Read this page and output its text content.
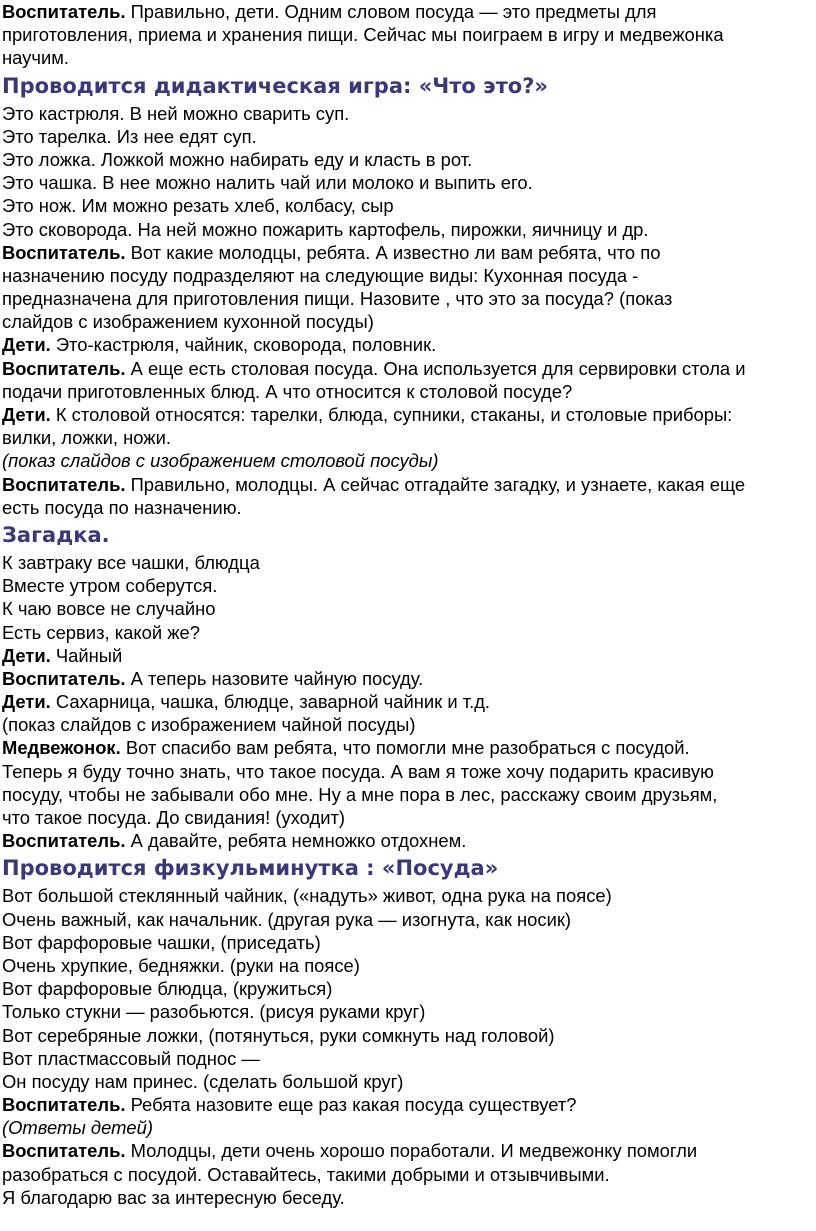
Воспитатель. Правильно, дети. Одним словом посуда — это предметы для
приготовления, приема и хранения пищи. Сейчас мы поиграем в игру и медвежонка
научим.
Проводится дидактическая игра: «Что это?»
Это кастрюля. В ней можно сварить суп.
Это тарелка. Из нее едят суп.
Это ложка. Ложкой можно набирать еду и класть в рот.
Это чашка. В нее можно налить чай или молоко и выпить его.
Это нож. Им можно резать хлеб, колбасу, сыр
Это сковорода. На ней можно пожарить картофель, пирожки, яичницу и др.
Воспитатель. Вот какие молодцы, ребята. А известно ли вам ребята, что по
назначению посуду подразделяют на следующие виды: Кухонная посуда -
предназначена для приготовления пищи. Назовите , что это за посуда? (показ
слайдов с изображением кухонной посуды)
Дети. Это-кастрюля, чайник, сковорода, половник.
Воспитатель. А еще есть столовая посуда. Она используется для сервировки стола и
подачи приготовленных блюд. А что относится к столовой посуде?
Дети. К столовой относятся: тарелки, блюда, супники, стаканы, и столовые приборы:
вилки, ложки, ножи.
(показ слайдов с изображением столовой посуды)
Воспитатель. Правильно, молодцы. А сейчас отгадайте загадку, и узнаете, какая еще
есть посуда по назначению.
Загадка.
К завтраку все чашки, блюдца
Вместе утром соберутся.
К чаю вовсе не случайно
Есть сервиз, какой же?
Дети. Чайный
Воспитатель. А теперь назовите чайную посуду.
Дети. Сахарница, чашка, блюдце, заварной чайник и т.д.
(показ слайдов с изображением чайной посуды)
Медвежонок. Вот спасибо вам ребята, что помогли мне разобраться с посудой.
Теперь я буду точно знать, что такое посуда. А вам я тоже хочу подарить красивую
посуду, чтобы не забывали обо мне. Ну а мне пора в лес, расскажу своим друзьям,
что такое посуда. До свидания! (уходит)
Воспитатель. А давайте, ребята немножко отдохнем.
Проводится физкульминутка : «Посуда»
Вот большой стеклянный чайник, («надуть» живот, одна рука на поясе)
Очень важный, как начальник. (другая рука — изогнута, как носик)
Вот фарфоровые чашки, (приседать)
Очень хрупкие, бедняжки. (руки на поясе)
Вот фарфоровые блюдца, (кружиться)
Только стукни — разобьются. (рисуя руками круг)
Вот серебряные ложки, (потянуться, руки сомкнуть над головой)
Вот пластмассовый поднос —
Он посуду нам принес. (сделать большой круг)
Воспитатель. Ребята назовите еще раз какая посуда существует?
(Ответы детей)
Воспитатель. Молодцы, дети очень хорошо поработали. И медвежонку помогли
разобраться с посудой. Оставайтесь, такими добрыми и отзывчивыми.
Я благодарю вас за интересную беседу.
